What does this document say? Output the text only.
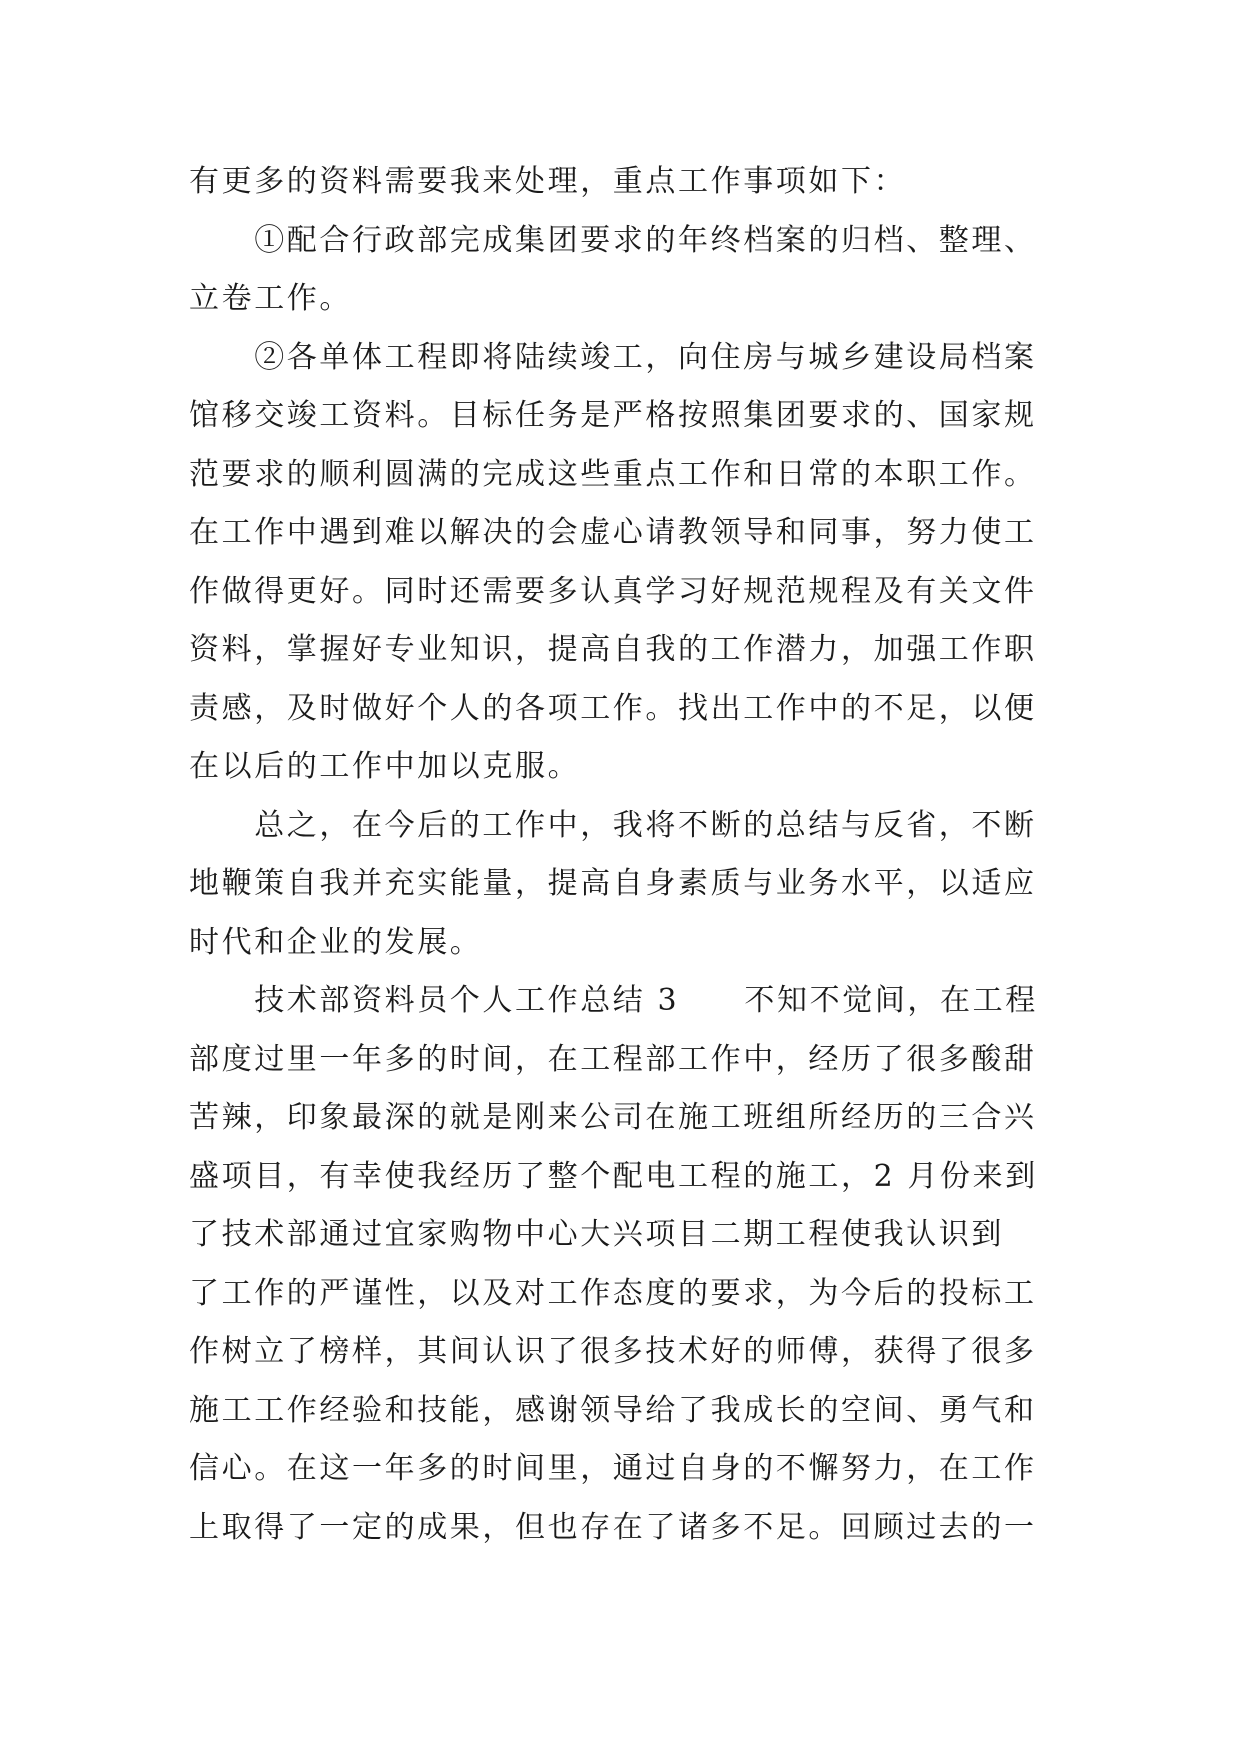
有更多的资料需要我来处理，重点工作事项如下：
　　①配合行政部完成集团要求的年终档案的归档、整理、
立卷工作。
　　②各单体工程即将陆续竣工，向住房与城乡建设局档案
馆移交竣工资料。目标任务是严格按照集团要求的、国家规
范要求的顺利圆满的完成这些重点工作和日常的本职工作。
在工作中遇到难以解决的会虚心请教领导和同事，努力使工
作做得更好。同时还需要多认真学习好规范规程及有关文件
资料，掌握好专业知识，提高自我的工作潜力，加强工作职
责感，及时做好个人的各项工作。找出工作中的不足，以便
在以后的工作中加以克服。
　　总之，在今后的工作中，我将不断的总结与反省，不断
地鞭策自我并充实能量，提高自身素质与业务水平，以适应
时代和企业的发展。
　　技术部资料员个人工作总结 3　　不知不觉间，在工程
部度过里一年多的时间，在工程部工作中，经历了很多酸甜
苦辣，印象最深的就是刚来公司在施工班组所经历的三合兴
盛项目，有幸使我经历了整个配电工程的施工，2 月份来到
了技术部通过宜家购物中心大兴项目二期工程使我认识到
了工作的严谨性，以及对工作态度的要求，为今后的投标工
作树立了榜样，其间认识了很多技术好的师傅，获得了很多
施工工作经验和技能，感谢领导给了我成长的空间、勇气和
信心。在这一年多的时间里，通过自身的不懈努力，在工作
上取得了一定的成果，但也存在了诸多不足。回顾过去的一
